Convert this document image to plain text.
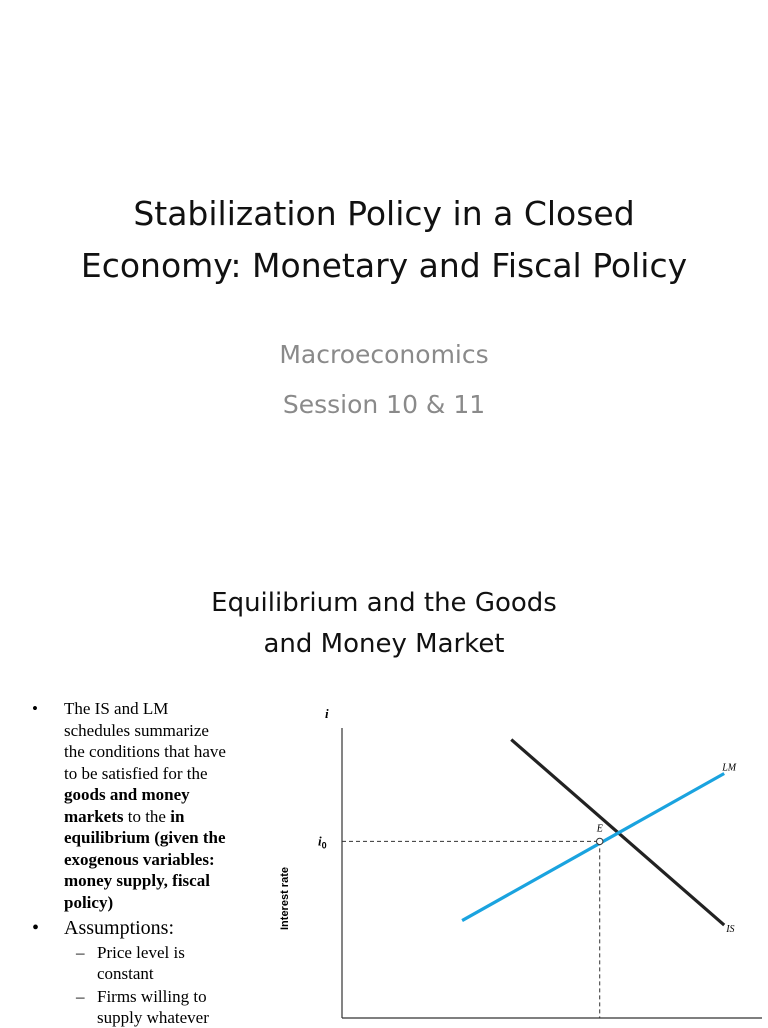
Stabilization Policy in a Closed
Economy: Monetary and Fiscal Policy
Macroeconomics
Session 10 & 11
Equilibrium and the Goods
and Money Market
• The IS and LM
schedules summarize
the conditions that have
to be satisfied for the
goods and money
markets to the in
equilibrium (given the
exogenous variables:
money supply, fiscal
policy)
• Assumptions:
– Price level is
constant
– Firms willing to
supply whatever
i
Interest rate
E
$i_0$
LM
IS
